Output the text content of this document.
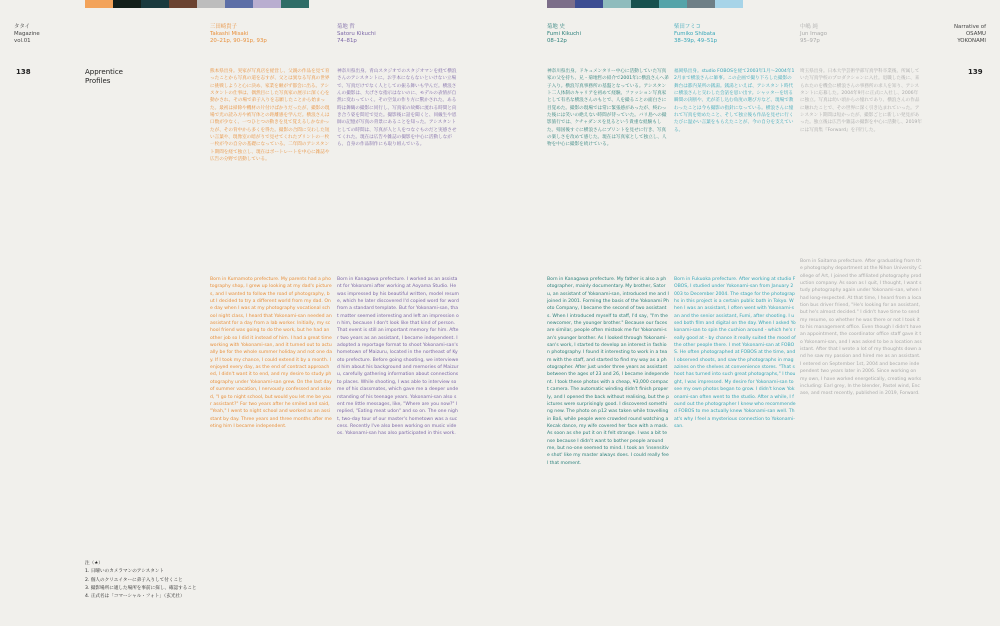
タタイ
Magazine
vol.01
Narrative of
OSAMU
YOKONAMI
138	139
Apprentice
Profiles
三田崎貴子
Takashi Misaki
20–21p, 90–91p, 93p
熊本県出身。実家が写真店を経営し、父親の作品を見て育ったことから写真の道を志すが、父とは異なる写真の世界に挑戦しようと心に決め、家業を継がず都会に出る。アシスタントの仕事は、偶然目にした写真家の展示に深く心を動かされ、その場で弟子入りを志願したことから始まった。最初は掃除や機材の片付けばかりだったが、撮影の現場で光の読み方や被写体との距離感を学んだ。横浪さんは口数が少なく、一つひとつの動きを見て覚えるしかなかったが、その背中から多くを得た。撮影の合間に交わした短い言葉や、現像室の暗がりで見せてくれたプリントの一枚一枚が今の自分の基礎になっている。二年間のアシスタント期間を経て独立し、現在はポートレートを中心に雑誌や広告の分野で活動している。
Born in Kumamoto prefecture. My parents had a photography shop, I grew up looking at my dad's pictures, and I wanted to follow the road of photography, but I decided to try a different world from my dad. One day when I was at my photography vocational school night class, I heard that Yokonami-san needed an assistant for a day from a lab worker. Initially, my school friend was going to do the work, but he had another job so I did it instead of him. I had a great time working with Yokonami-san, and it turned out to actually be for the whole summer holiday and not one day. If I took my chance, I could extend it by a month. I enjoyed every day, as the end of contract approached, I didn't want it to end, and my desire to study photography under Yokonami-san grew. On the last day of summer vacation, I nervously confessed and asked, "I go to night school, but would you let me be your assistant?" For two years after he smiled and said, "Yeah," I went to night school and worked as an assistant by day. Three years and three months after meeting him I became independent.
菊地 哲
Satoru Kikuchi
74–81p
神奈川県出身。青山スタジオでのスタジオマンを経て横浪さんのアシスタントに。お手本にならないといけない立場で、写真だけでなく人としての振る舞いも学んだ。横浪さんの撮影は、大げさな指示はないのに、モデルの表情が自然に変わっていく。その空気の作り方に驚かされた。ある時は舞鶴の撮影に同行し、写真家の故郷に流れる時間と向き合う姿を間近で見た。撮影後に話を聞くと、同級生や恩師の記憶が写真の背景にあることを知った。アシスタントとしての時間は、写真が人と人をつなぐものだと実感させてくれた。現在は広告や雑誌の撮影を中心に活動しながら、自身の作品制作にも取り組んでいる。
Born in Kanagawa prefecture. I worked as an assistant for Yokonami after working at Aoyama Studio. He was impressed by his beautiful written, model resume, which he later discovered I'd copied word for word from a standard template. But for Yokonami-san, that matter seemed interesting and left an impression on him, because I don't look like that kind of person. That event is still an important memory for him. After two years as an assistant, I became independent. I adopted a reportage format to shoot Yokonami-san's hometown of Maizuru, located in the northeast of Kyoto prefecture. Before going shooting, we interviewed him about his background and memories of Maizuru, carefully gathering information about connections to places. While shooting, I was able to interview some of his classmates, which gave me a deeper understanding of his teenage years. Yokonami-san also sent me little messages, like, "Where are you now?" I replied, "Eating meat udon" and so on. The one night, two-day tour of our master's hometown was a success. Recently I've also been working on music videos. Yokonami-san has also participated in this work.
菊地 史
Fumi Kikuchi
08–12p
神奈川県出身。ドキュメンタリー中心に活動していた写真家の父を持ち、兄・菊地哲の紹介で2001年に横浪さんへ弟子入り。横浪写真事務所の基盤となっている。アシスタント二人体制のキャリアを初めて経験。ファッション写真家として有名な横浪さんのもとで、人を撮ることの面白さに目覚めた。撮影の現場では常に緊張感があったが、終わった後には笑いの絶えない時間が待っていた。バリ島への撮影旅行では、ケチャダンスを見るという貴重な経験もした。帰国後すぐに横浪さんにプリントを見せに行き、写真の楽しさを改めて感じた。現在は写真家として独立し、人物を中心に撮影を続けている。
Born in Kanagawa prefecture. My father is also a photographer, mainly documentary. My brother, Satoru, an assistant of Yokonami-san, introduced me and I joined in 2001. Forming the basis of the Yokonami Photo Company, I became the second of two assistants. When I introduced myself to staff, I'd say, "I'm the newcomer, the younger brother." Because our faces are similar, people often mistook me for Yokonami-san's younger brother. As I looked through Yokonami-san's work, I started to develop an interest in fashion photography. I found it interesting to work in a team with the staff, and started to find my way as a photographer. After just under three years as assistant between the ages of 23 and 26, I became independent. I took these photos with a cheap, ¥3,000 compact camera. The automatic winding didn't finish properly, and I opened the back without realising, but the pictures were surprisingly good. I discovered something new. The photo on p12 was taken while travelling in Bali, while people were crowded round watching a Kecak dance, my wife covered her face with a mask. As soon as she put it on it felt strange. I was a bit tense because I didn't want to bother people around me, but no-one seemed to mind. I took an 'insensitive shot' like my master always does. I could really feel that moment.
柴田フミコ
Fumiko Shibata
38–39p, 49–51p
福岡県出身。studio FOBOSを経て2003年1月〜2004年12月まで横浪さんに師事。この企画で撮り下ろした撮影の舞台は都内某所の銭湯。銭湯といえば、アシスタント時代に横浪さんと交わした会話を思い出す。シャッターを切る瞬間の決断や、光が差し込む角度の選び方など、現場で教わったことは今も撮影の指針になっている。横浪さんに憧れて写真を始めたこと、そして独立後も作品を見せに行くたびに温かい言葉をもらえたことが、今の自分を支えている。
Born in Fukuoka prefecture. After working at studio FOBOS, I studied under Yokonami-san from January 2003 to December 2004. The stage for the photographs in this project is a certain public bath in Tokyo. When I was an assistant, I often went with Yokonami-san and the senior assistant, Fumi, after shooting. I used both film and digital on the day. When I asked Yokonami-san to spin the cushion around - which he's really good at - by chance it really suited the mood of the other people there. I met Yokonami-san at FOBOS. He often photographed at FOBOS at the time, and I observed shoots, and saw the photographs in magazines on the shelves at convenience stores. "That shoot has turned into such great photographs," I thought, I was impressed. My desire for Yokonami-san to see my own photos began to grow. I didn't know Yokonami-san often went to the studio. After a while, I found out the photographer I knew who recommended FOBOS to me actually knew Yokonami-san well. That's why I feel a mysterious connection to Yokonami-san.
中嶋 純
Jun Imago
95–97p
埼玉県出身。日本大学芸術学部写真学科卒業後、所属していた写真学校のプロダクションに入社。退職した後に、来られたのを機会に横浪さんの事務所の求人を知り、アシスタントに応募した。2004年9月に正式に入社し、2006年に独立。写真は幼い頃からの憧れであり、横浪さんの作品に触れたことで、その世界に深く引き込まれていった。アシスタント期間は短かったが、撮影ごとに新しい発見があった。独立後は広告や雑誌の撮影を中心に活動し、2019年には写真集『Forward』を刊行した。
Born in Saitama prefecture. After graduating from the photography department at the Nihon University College of Art, I joined the affiliated photography production company. As soon as I quit, I thought, I want study photography again under Yokonami-san, when I had long-respected. At that time, I heard from a location bus driver friend, "He's looking for an assistant, but he's almost decided." I didn't have time to send my resume, so whether he was there or not I took it to his management office. Even though I didn't have an appointment, the coordinator office staff gave it to Yokonami-san, and I was asked to be a location assistant. After that I wrote a lot of my thoughts down and he saw my passion and hired me as an assistant. I entered on September 1st, 2004 and became independent two years later in 2006. Since working on my own, I have worked energetically, creating works including: Earl grey, In the blender, Pastel wind, Encase, and most recently, published in 2019, Forward.
注（★）
1. 日曜いのカメラマンのアシスタント
2. 個人のクリエイターに弟子入りして付くこと
3. 撮影場所に適した場所を事前に探し、確認すること
4. 正式名は「コマーシャル・フォト」（玄光社）
